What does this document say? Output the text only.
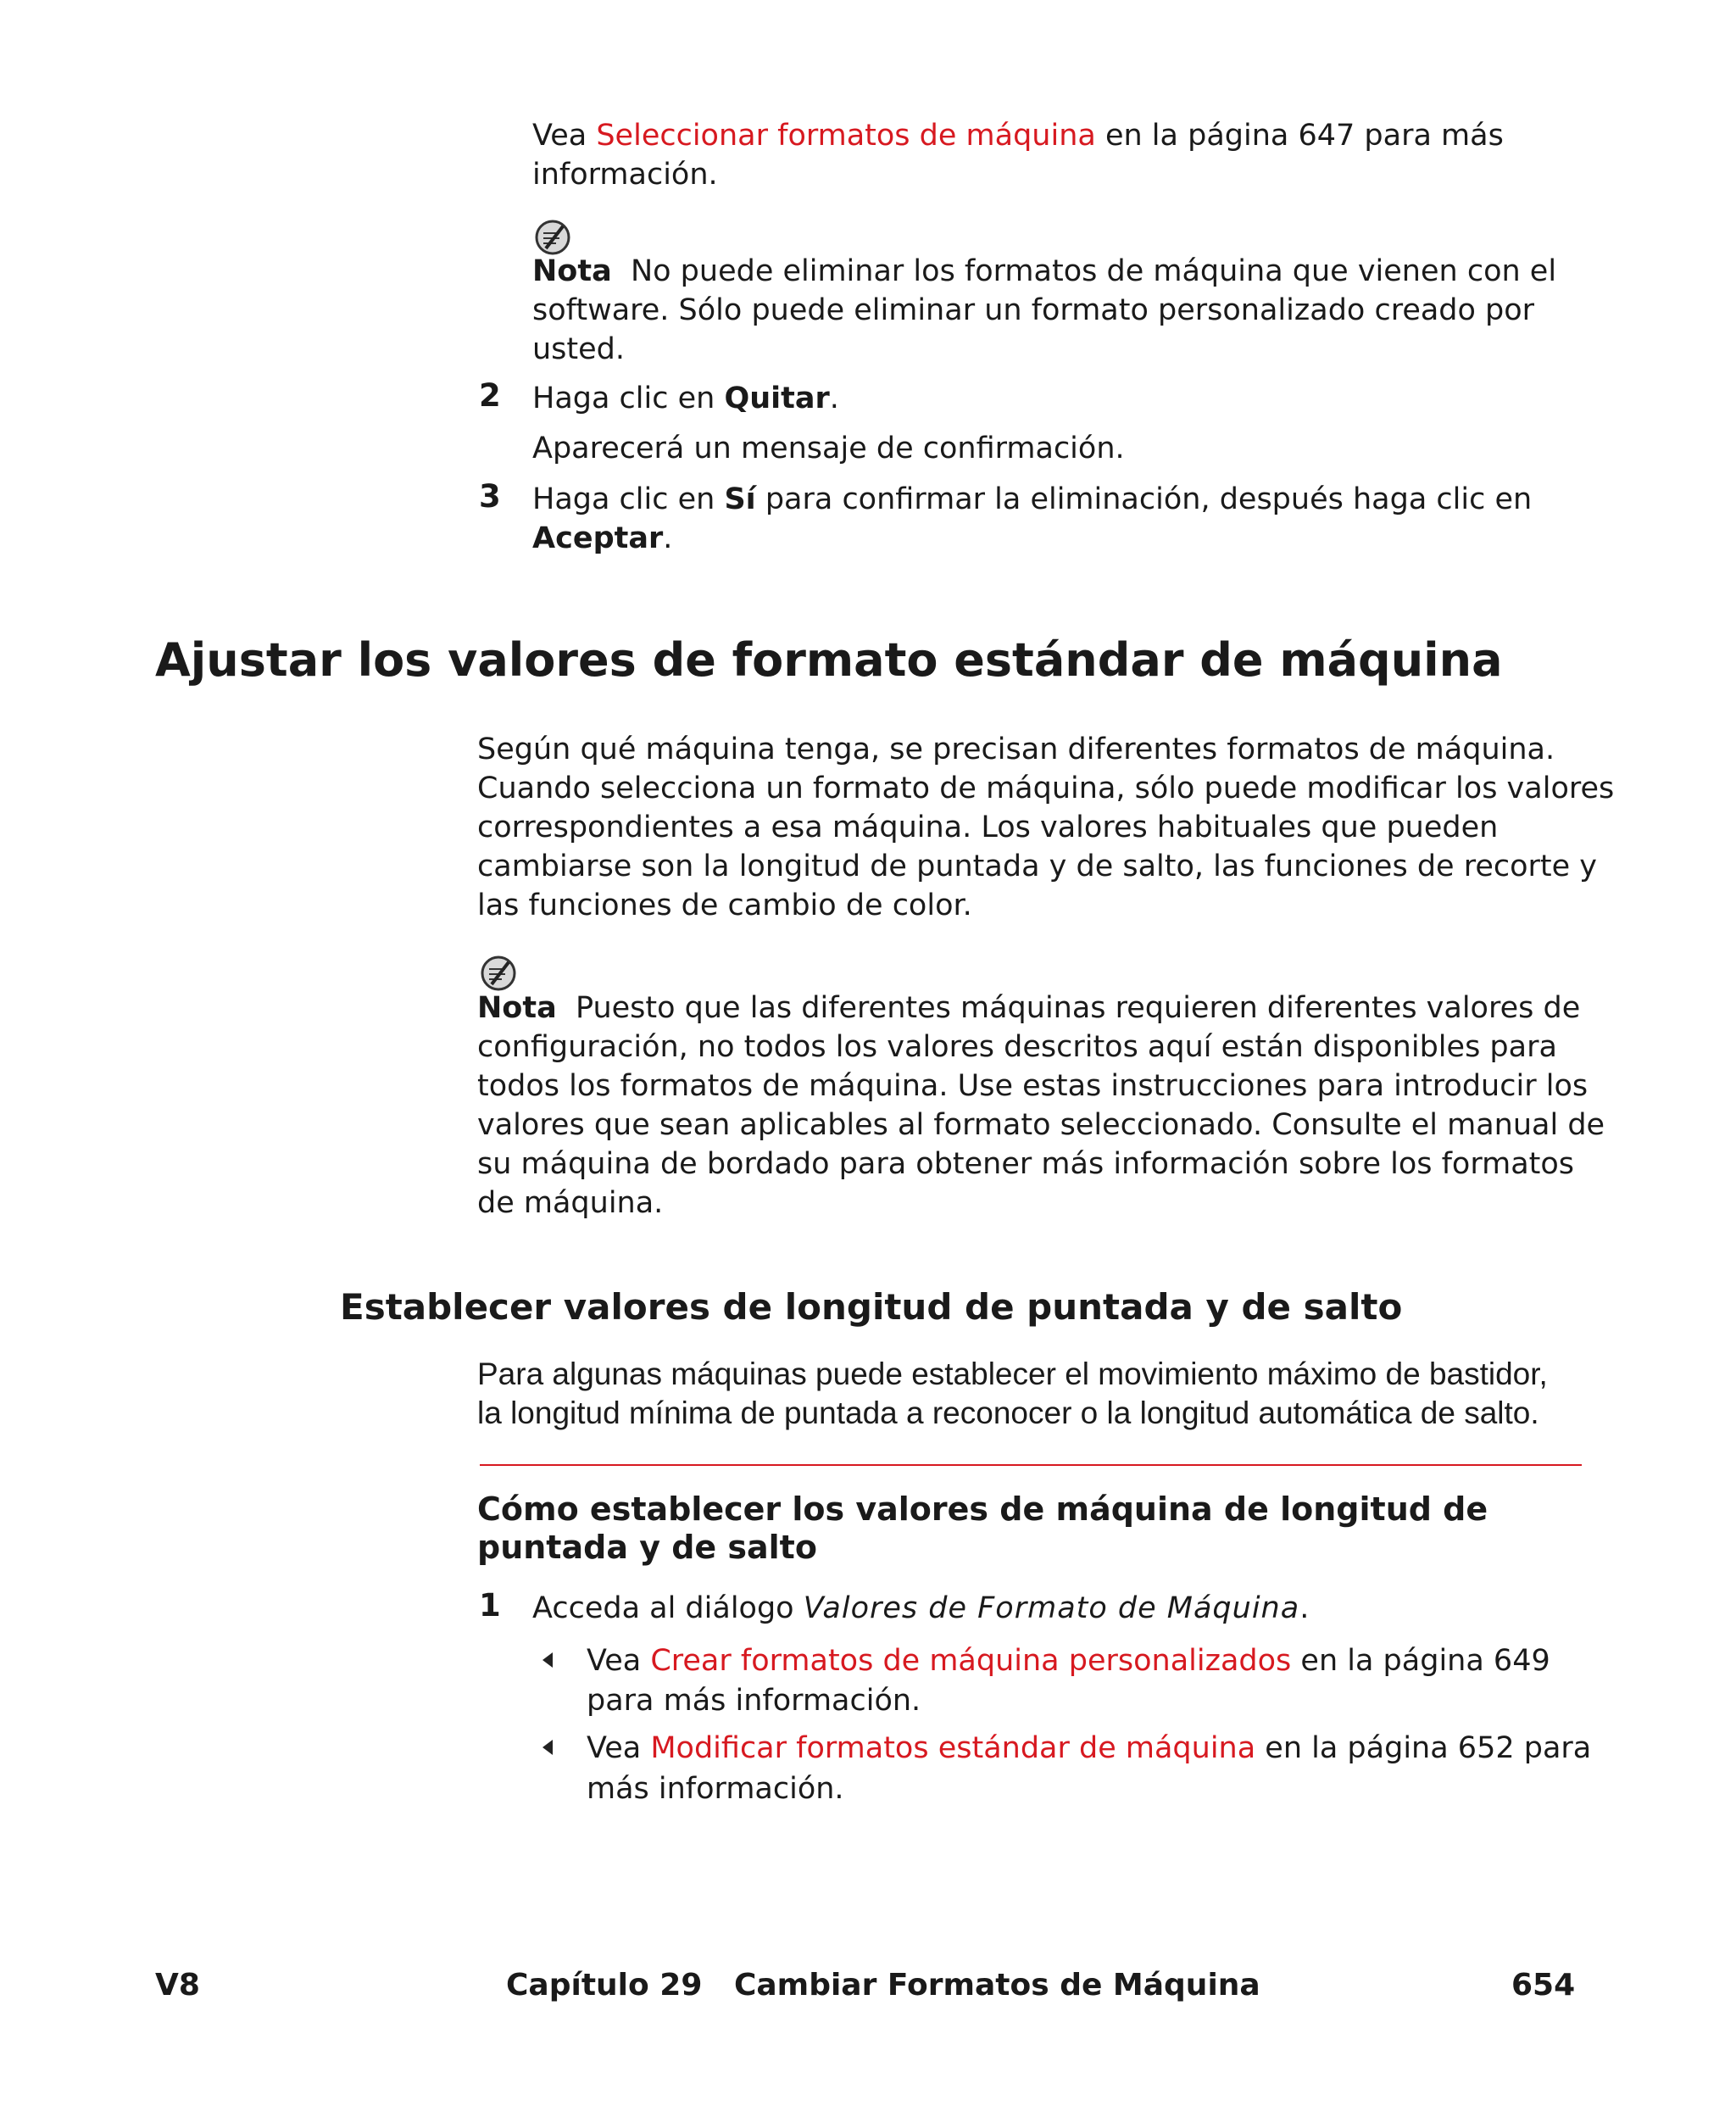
Vea Seleccionar formatos de máquina en la página 647 para más
información.
Nota No puede eliminar los formatos de máquina que vienen con el
software. Sólo puede eliminar un formato personalizado creado por
usted.
2 Haga clic en Quitar.
Aparecerá un mensaje de confirmación.
3 Haga clic en Sí para confirmar la eliminación, después haga clic en
Aceptar.
Ajustar los valores de formato estándar de máquina
Según qué máquina tenga, se precisan diferentes formatos de máquina.
Cuando selecciona un formato de máquina, sólo puede modificar los valores
correspondientes a esa máquina. Los valores habituales que pueden
cambiarse son la longitud de puntada y de salto, las funciones de recorte y
las funciones de cambio de color.
Nota Puesto que las diferentes máquinas requieren diferentes valores de
configuración, no todos los valores descritos aquí están disponibles para
todos los formatos de máquina. Use estas instrucciones para introducir los
valores que sean aplicables al formato seleccionado. Consulte el manual de
su máquina de bordado para obtener más información sobre los formatos
de máquina.
Establecer valores de longitud de puntada y de salto
Para algunas máquinas puede establecer el movimiento máximo de bastidor,
la longitud mínima de puntada a reconocer o la longitud automática de salto.
Cómo establecer los valores de máquina de longitud de
puntada y de salto
1 Acceda al diálogo Valores de Formato de Máquina.
Vea Crear formatos de máquina personalizados en la página 649
para más información.
Vea Modificar formatos estándar de máquina en la página 652 para
más información.
V8	Capítulo 29   Cambiar Formatos de Máquina	654
